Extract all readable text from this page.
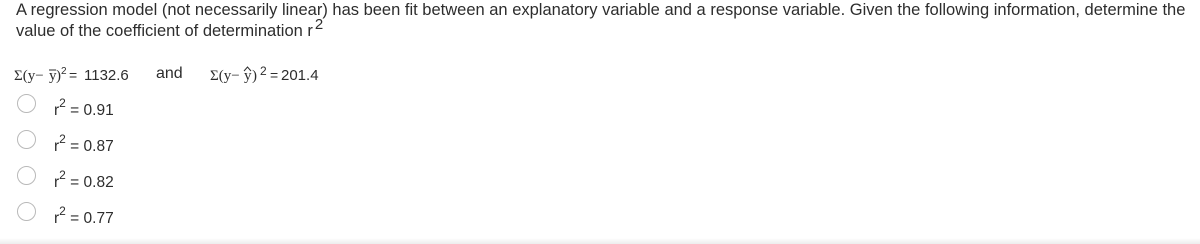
A regression model (not necessarily linear) has been fit between an explanatory variable and a response variable. Given the following information, determine the value of the coefficient of determination r 2
Σ(y− y ) 2 = 1132.6 and Σ(y− y ) 2 = 201.4
$r^2 = 0.91$
$r^2 = 0.87$
$r^2 = 0.82$
$r^2 = 0.77$
